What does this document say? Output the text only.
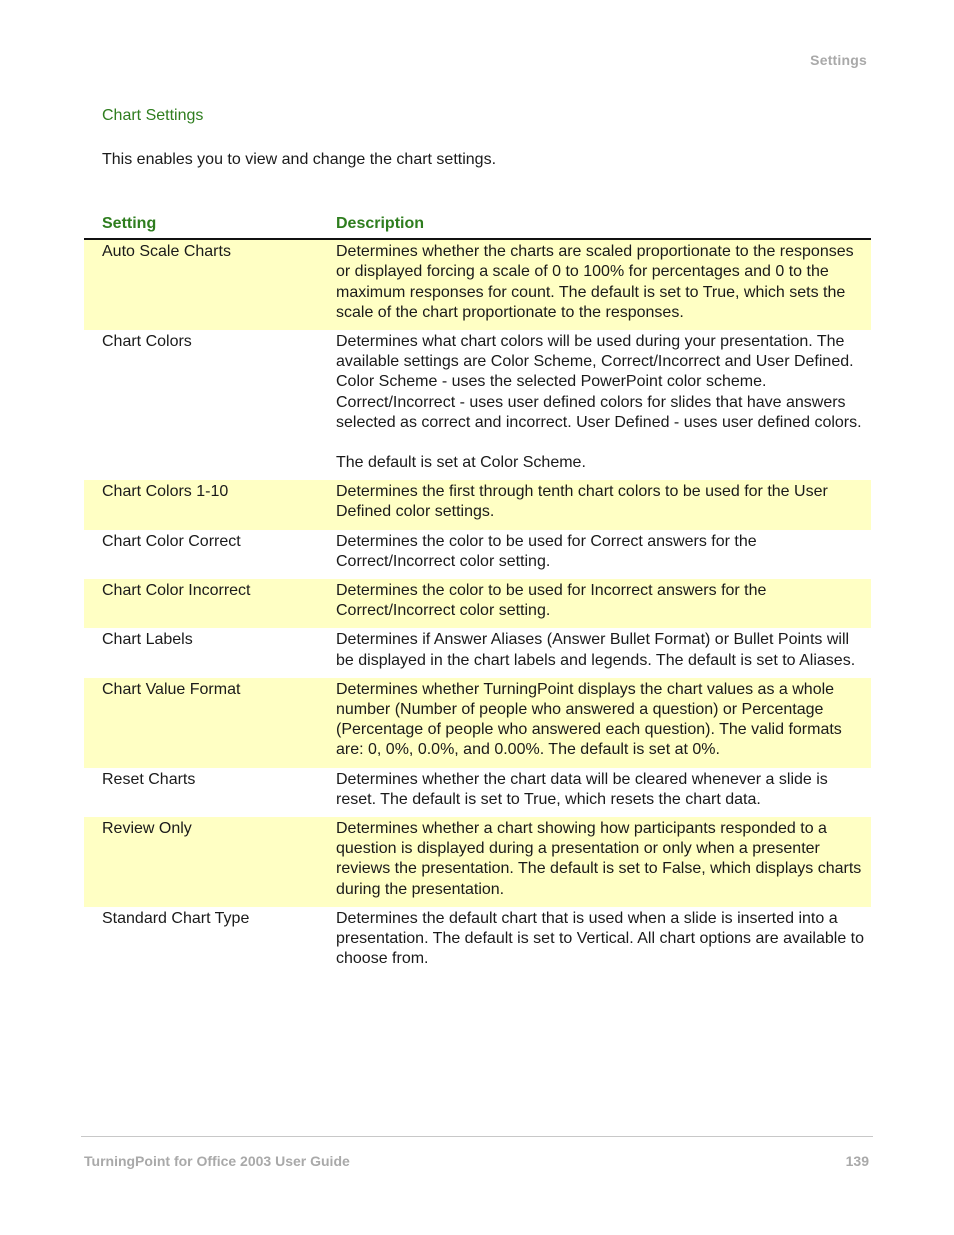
Settings
Chart Settings
This enables you to view and change the chart settings.
Setting	Description
Auto Scale Charts	Determines whether the charts are scaled proportionate to the responses or displayed forcing a scale of 0 to 100% for percentages and 0 to the maximum responses for count. The default is set to True, which sets the scale of the chart proportionate to the responses.

Chart Colors	Determines what chart colors will be used during your presentation. The available settings are Color Scheme, Correct/Incorrect and User Defined. Color Scheme - uses the selected PowerPoint color scheme. Correct/Incorrect - uses user defined colors for slides that have answers selected as correct and incorrect. User Defined - uses user defined colors.
The default is set at Color Scheme.

Chart Colors 1-10	Determines the first through tenth chart colors to be used for the User Defined color settings.

Chart Color Correct	Determines the color to be used for Correct answers for the Correct/Incorrect color setting.

Chart Color Incorrect	Determines the color to be used for Incorrect answers for the Correct/Incorrect color setting.

Chart Labels	Determines if Answer Aliases (Answer Bullet Format) or Bullet Points will be displayed in the chart labels and legends. The default is set to Aliases.

Chart Value Format	Determines whether TurningPoint displays the chart values as a whole number (Number of people who answered a question) or Percentage (Percentage of people who answered each question). The valid formats are: 0, 0%, 0.0%, and 0.00%. The default is set at 0%.

Reset Charts	Determines whether the chart data will be cleared whenever a slide is reset. The default is set to True, which resets the chart data.

Review Only	Determines whether a chart showing how participants responded to a question is displayed during a presentation or only when a presenter reviews the presentation. The default is set to False, which displays charts during the presentation.

Standard Chart Type	Determines the default chart that is used when a slide is inserted into a presentation. The default is set to Vertical. All chart options are available to choose from.
TurningPoint for Office 2003 User Guide	139
